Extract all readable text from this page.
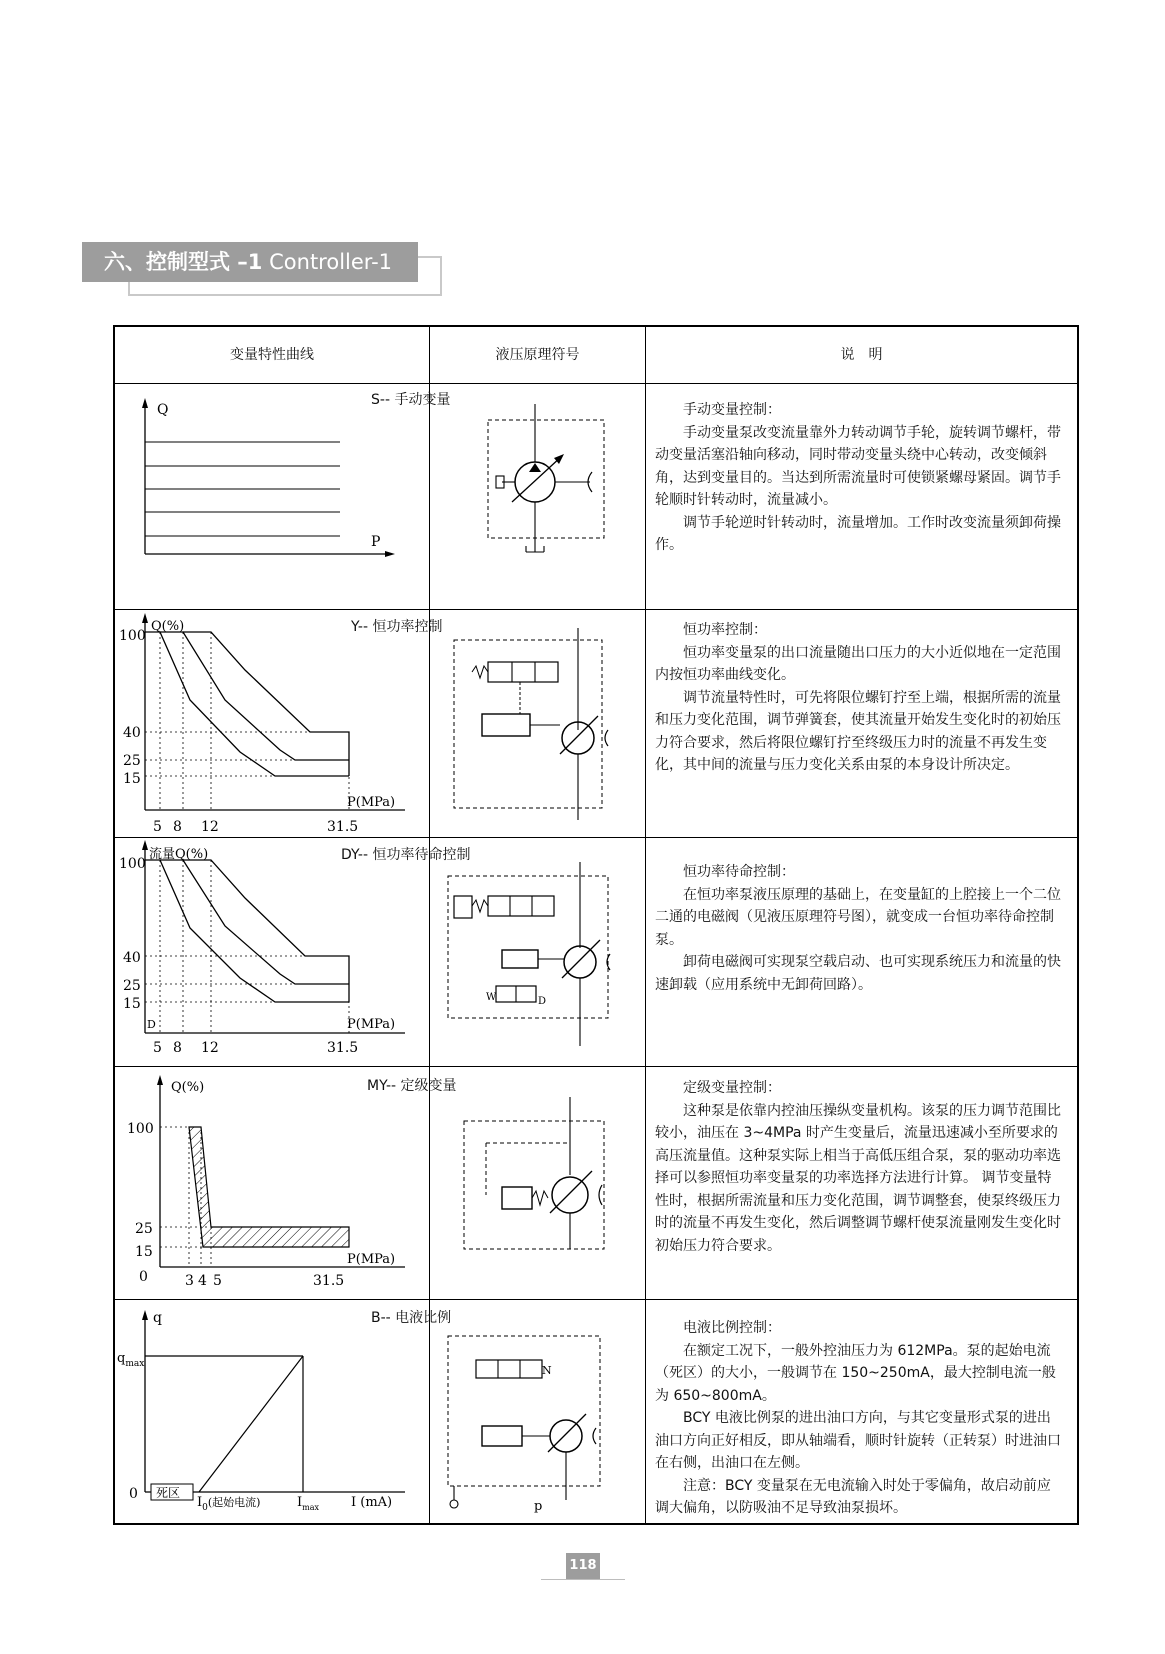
六、控制型式 –1 Controller-1
变量特性曲线	液压原理符号	说　明
S-- 手动变量
Q
P

手动变量控制：

手动变量泵改变流量靠外力转动调节手轮，旋转调节螺杆，带动变量活塞沿轴向移动，同时带动变量头绕中心转动，改变倾斜角，达到变量目的。当达到所需流量时可使锁紧螺母紧固。调节手轮顺时针转动时，流量减小。

调节手轮逆时针转动时，流量增加。工作时改变流量须卸荷操作。

Y-- 恒功率控制
Q(%)
P(MPa)
100
40
25
15
5 8 12	31.5

恒功率控制：

恒功率变量泵的出口流量随出口压力的大小近似地在一定范围内按恒功率曲线变化。

调节流量特性时，可先将限位螺钉拧至上端，根据所需的流量和压力变化范围，调节弹簧套，使其流量开始发生变化时的初始压力符合要求，然后将限位螺钉拧至终级压力时的流量不再发生变化，其中间的流量与压力变化关系由泵的本身设计所决定。

DY-- 恒功率待命控制
流量Q(%)
P(MPa)
D
100
40
25
15
5 8 12	31.5
W	D

恒功率待命控制：

在恒功率泵液压原理的基础上，在变量缸的上腔接上一个二位二通的电磁阀（见液压原理符号图），就变成一台恒功率待命控制泵。

卸荷电磁阀可实现泵空载启动、也可实现系统压力和流量的快速卸载（应用系统中无卸荷回路）。

MY-- 定级变量
Q(%)
P(MPa)
100
25
15
0	3 4 5	31.5

定级变量控制：

这种泵是依靠内控油压操纵变量机构。该泵的压力调节范围比较小，油压在 3~4MPa 时产生变量后，流量迅速减小至所要求的高压流量值。这种泵实际上相当于高低压组合泵，泵的驱动功率选择可以参照恒功率变量泵的功率选择方法进行计算。 调节变量特性时，根据所需流量和压力变化范围，调节调整套，使泵终级压力时的流量不再发生变化，然后调整调节螺杆使泵流量刚发生变化时初始压力符合要求。

B-- 电液比例
q
$q_{max}$
0 死区
$I_0^{(起始电流)}$	$I_{max}$ I (mA)
N
p

电液比例控制：

在额定工况下，一般外控油压力为 612MPa。泵的起始电流（死区）的大小，一般调节在 150~250mA，最大控制电流一般为 650~800mA。

BCY 电液比例泵的进出油口方向，与其它变量形式泵的进出油口方向正好相反，即从轴端看，顺时针旋转（正转泵）时进油口在右侧，出油口在左侧。

注意：BCY 变量泵在无电流输入时处于零偏角，故启动前应调大偏角，以防吸油不足导致油泵损坏。

118
